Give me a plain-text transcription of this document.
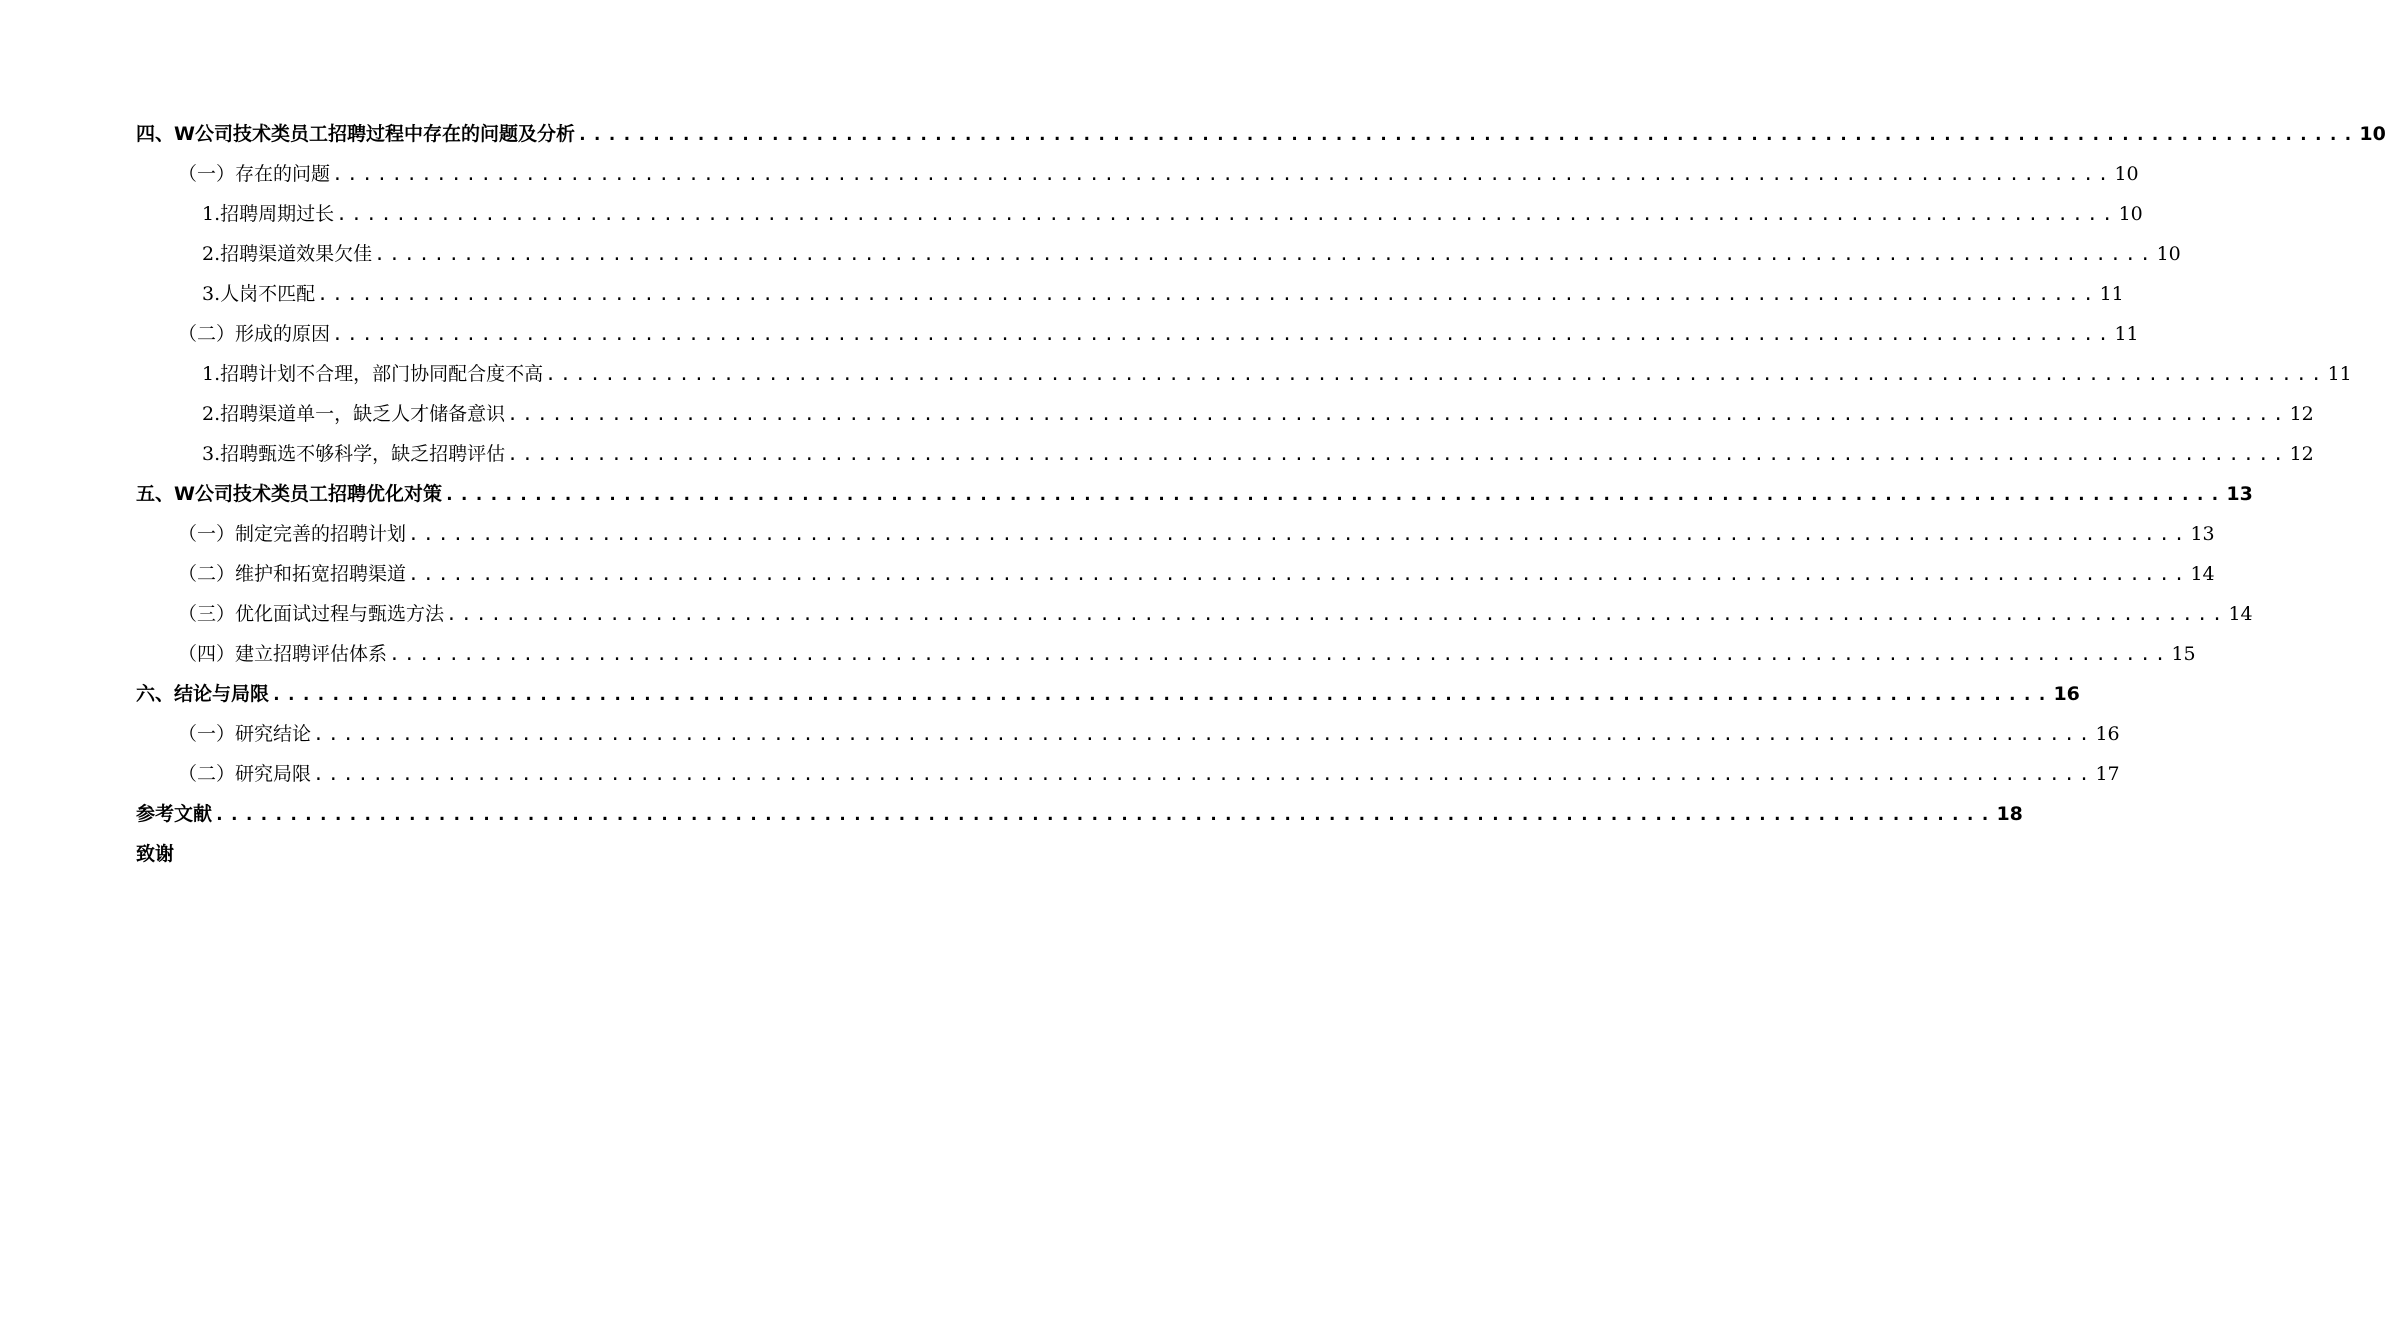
四、W公司技术类员工招聘过程中存在的问题及分析 ........................................................................................................................ 10
（一）存在的问题 ........................................................................................................................ 10
1.招聘周期过长 ........................................................................................................................ 10
2.招聘渠道效果欠佳 ........................................................................................................................ 10
3.人岗不匹配 ........................................................................................................................ 11
（二）形成的原因 ........................................................................................................................ 11
1.招聘计划不合理，部门协同配合度不高 ........................................................................................................................ 11
2.招聘渠道单一，缺乏人才储备意识 ........................................................................................................................ 12
3.招聘甄选不够科学，缺乏招聘评估 ........................................................................................................................ 12
五、W公司技术类员工招聘优化对策 ........................................................................................................................ 13
（一）制定完善的招聘计划 ........................................................................................................................ 13
（二）维护和拓宽招聘渠道 ........................................................................................................................ 14
（三）优化面试过程与甄选方法 ........................................................................................................................ 14
（四）建立招聘评估体系 ........................................................................................................................ 15
六、结论与局限 ........................................................................................................................ 16
（一）研究结论 ........................................................................................................................ 16
（二）研究局限 ........................................................................................................................ 17
参考文献 ........................................................................................................................ 18
致谢
